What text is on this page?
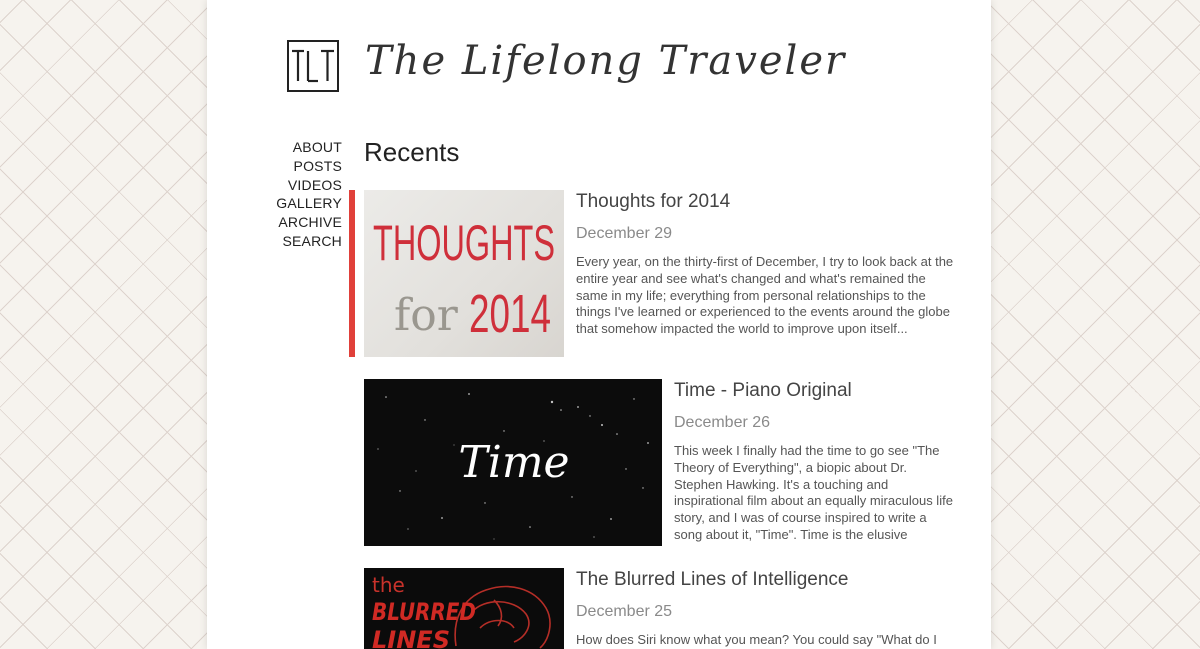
The Lifelong Traveler
ABOUT
POSTS
VIDEOS
GALLERY
ARCHIVE
SEARCH
Recents
THOUGHTS
for 2014
Thoughts for 2014
December 29

Every year, on the thirty-first of December, I try to look back at the entire year and see what's changed and what's remained the same in my life; everything from personal relationships to the things I've learned or experienced to the events around the globe that somehow impacted the world to improve upon itself...

Time
Time - Piano Original
December 26

This week I finally had the time to go see "The Theory of Everything", a biopic about Dr. Stephen Hawking. It's a touching and inspirational film about an equally miraculous life story, and I was of course inspired to write a song about it, "Time". Time is the elusive

the
BLURRED
LINES
The Blurred Lines of Intelligence
December 25

How does Siri know what you mean? You could say "What do I
